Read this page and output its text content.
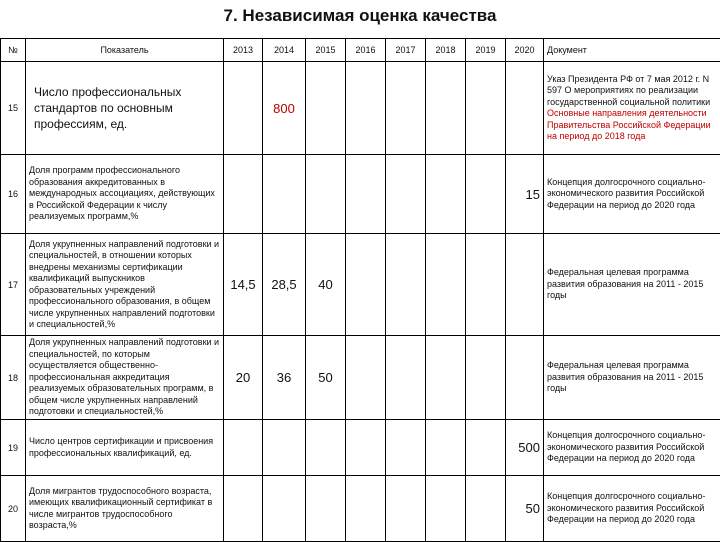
7. Независимая оценка качества
№	Показатель	2013	2014	2015	2016	2017	2018	2019	2020	Документ
15	Число профессиональных стандартов по основным профессиям, ед.		800							Указ Президента РФ от 7 мая 2012 г. N 597 О мероприятиях по реализации государственной социальной политики
Основные направления деятельности Правительства Российской Федерации на период до 2018 года

16	Доля программ профессионального образования аккредитованных в международных ассоциациях, действующих в Российской Федерации к числу реализуемых программ,%								15	Концепция долгосрочного социально-экономического развития Российской Федерации на период до 2020 года

17	Доля укрупненных направлений подготовки и специальностей, в отношении которых внедрены механизмы сертификации квалификаций выпускников образовательных учреждений профессионального образования, в общем числе укрупненных направлений подготовки и специальностей,%	14,5	28,5	40						Федеральная целевая программа развития образования на 2011 - 2015 годы

18	Доля укрупненных направлений подготовки и специальностей, по которым осуществляется общественно-профессиональная аккредитация реализуемых образовательных программ, в общем числе укрупненных направлений подготовки и специальностей,%	20	36	50						Федеральная целевая программа развития образования на 2011 - 2015 годы

19	Число центров сертификации и присвоения профессиональных квалификаций, ед.								500	Концепция долгосрочного социально-экономического развития Российской Федерации на период до 2020 года

20	Доля мигрантов трудоспособного возраста, имеющих квалификационный сертификат в числе мигрантов трудоспособного возраста,%								50	Концепция долгосрочного социально-экономического развития Российской Федерации на период до 2020 года
